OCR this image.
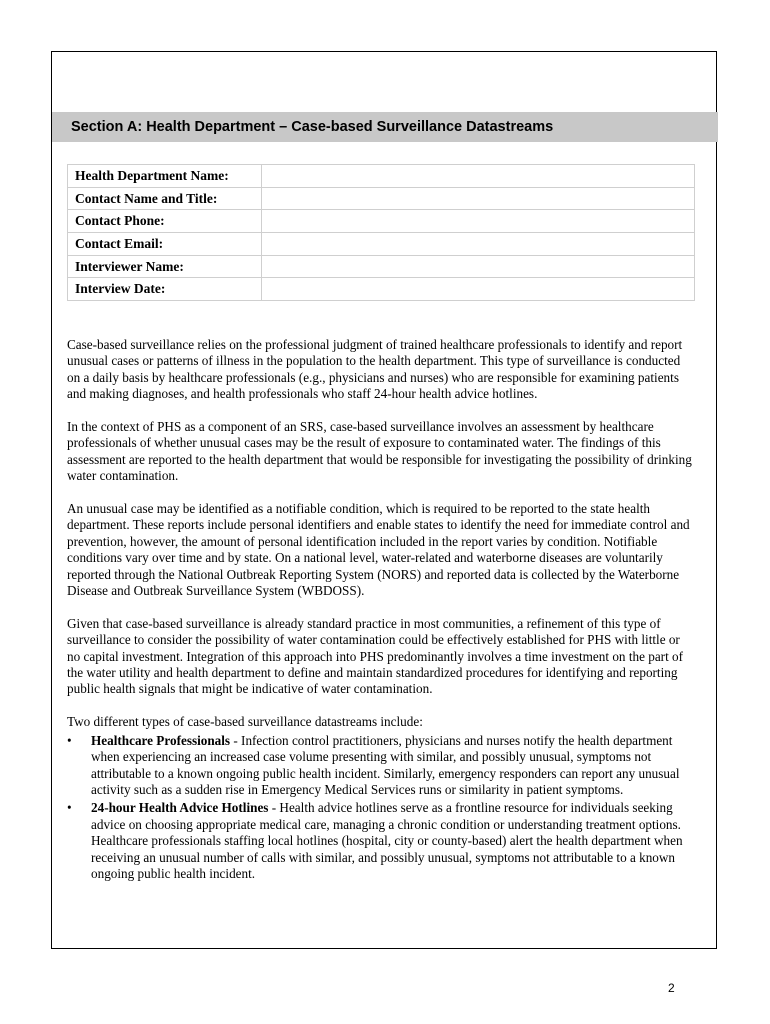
Section A: Health Department – Case-based Surveillance Datastreams
Health Department Name:	
Contact Name and Title:	
Contact Phone:	
Contact Email:	
Interviewer Name:	
Interview Date:	

Case-based surveillance relies on the professional judgment of trained healthcare professionals to identify and report unusual cases or patterns of illness in the population to the health department. This type of surveillance is conducted on a daily basis by healthcare professionals (e.g., physicians and nurses) who are responsible for examining patients and making diagnoses, and health professionals who staff 24-hour health advice hotlines.

In the context of PHS as a component of an SRS, case-based surveillance involves an assessment by healthcare professionals of whether unusual cases may be the result of exposure to contaminated water. The findings of this assessment are reported to the health department that would be responsible for investigating the possibility of drinking water contamination.

An unusual case may be identified as a notifiable condition, which is required to be reported to the state health department. These reports include personal identifiers and enable states to identify the need for immediate control and prevention, however, the amount of personal identification included in the report varies by condition. Notifiable conditions vary over time and by state. On a national level, water-related and waterborne diseases are voluntarily reported through the National Outbreak Reporting System (NORS) and reported data is collected by the Waterborne Disease and Outbreak Surveillance System (WBDOSS).

Given that case-based surveillance is already standard practice in most communities, a refinement of this type of surveillance to consider the possibility of water contamination could be effectively established for PHS with little or no capital investment. Integration of this approach into PHS predominantly involves a time investment on the part of the water utility and health department to define and maintain standardized procedures for identifying and reporting public health signals that might be indicative of water contamination.

Two different types of case-based surveillance datastreams include:

•	Healthcare Professionals - Infection control practitioners, physicians and nurses notify the health department when experiencing an increased case volume presenting with similar, and possibly unusual, symptoms not attributable to a known ongoing public health incident. Similarly, emergency responders can report any unusual activity such as a sudden rise in Emergency Medical Services runs or similarity in patient symptoms.
•	24-hour Health Advice Hotlines - Health advice hotlines serve as a frontline resource for individuals seeking advice on choosing appropriate medical care, managing a chronic condition or understanding treatment options. Healthcare professionals staffing local hotlines (hospital, city or county-based) alert the health department when receiving an unusual number of calls with similar, and possibly unusual, symptoms not attributable to a known ongoing public health incident.
2
